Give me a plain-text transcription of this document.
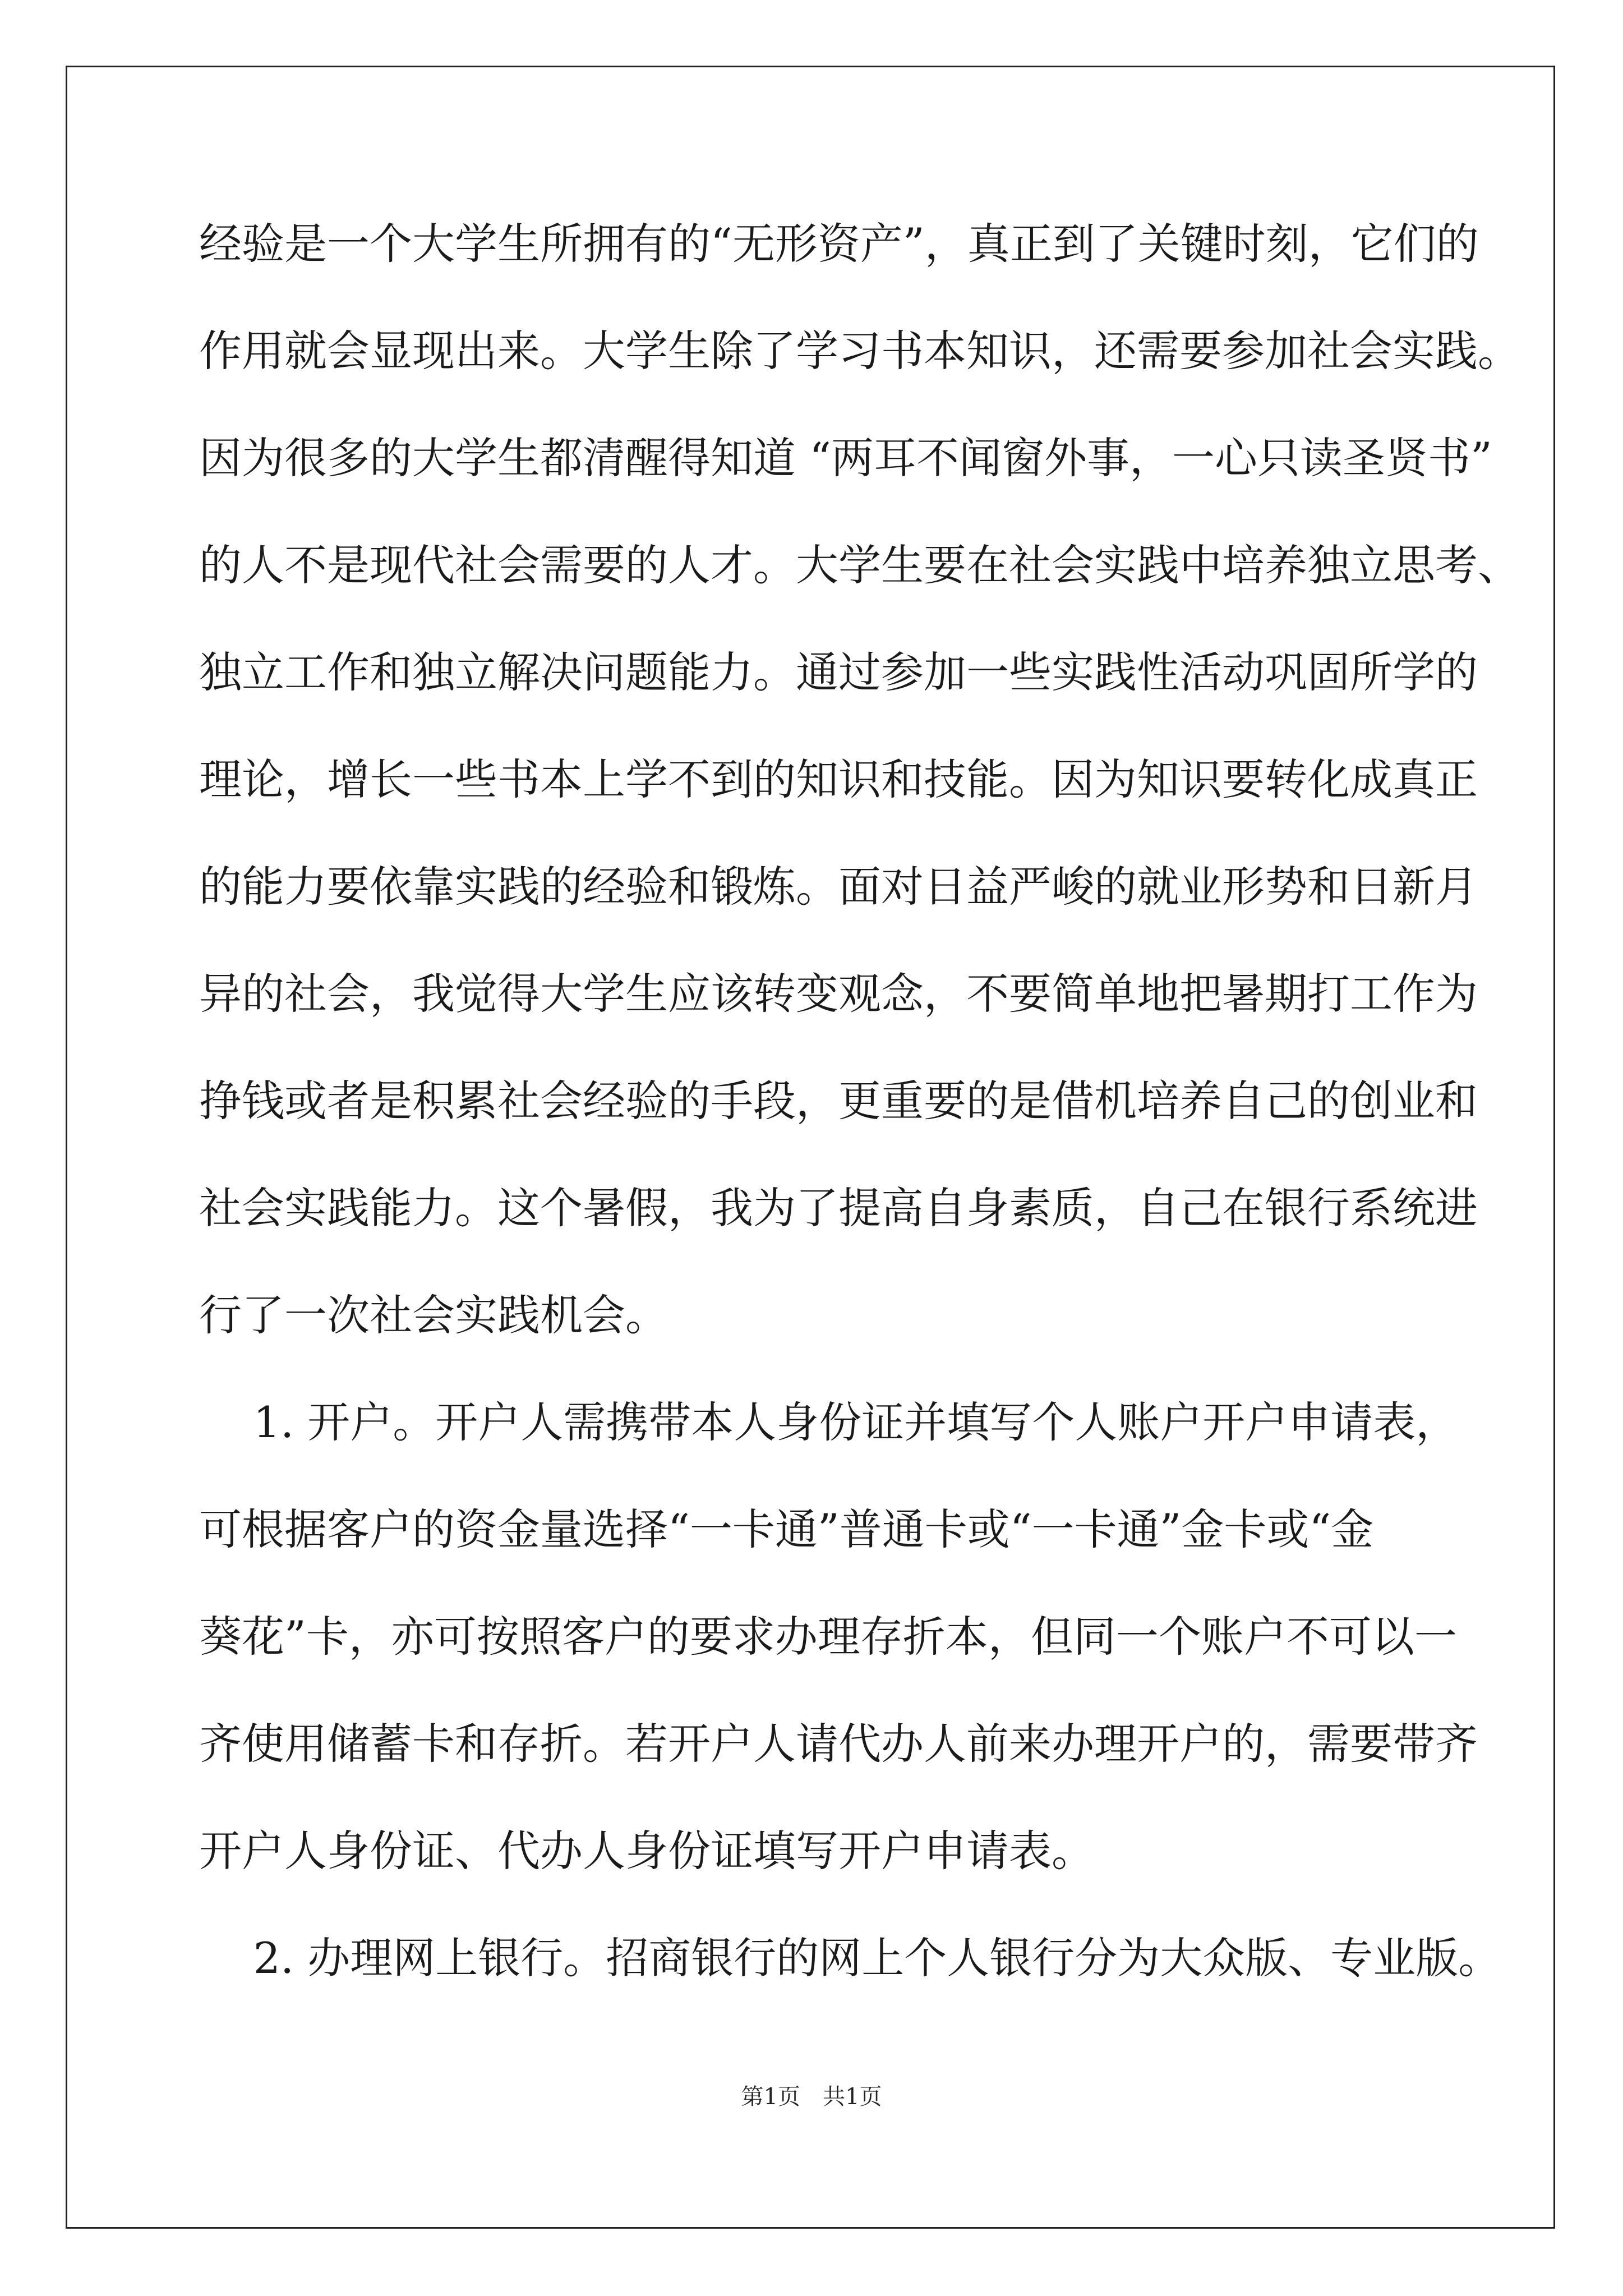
经验是一个大学生所拥有的“无形资产”，真正到了关键时刻，它们的
作用就会显现出来。大学生除了学习书本知识，还需要参加社会实践。
因为很多的大学生都清醒得知道 “两耳不闻窗外事，一心只读圣贤书”
的人不是现代社会需要的人才。大学生要在社会实践中培养独立思考、
独立工作和独立解决问题能力。通过参加一些实践性活动巩固所学的
理论，增长一些书本上学不到的知识和技能。因为知识要转化成真正
的能力要依靠实践的经验和锻炼。面对日益严峻的就业形势和日新月
异的社会，我觉得大学生应该转变观念，不要简单地把暑期打工作为
挣钱或者是积累社会经验的手段，更重要的是借机培养自己的创业和
社会实践能力。这个暑假，我为了提高自身素质，自己在银行系统进
行了一次社会实践机会。
1. 开户。开户人需携带本人身份证并填写个人账户开户申请表，
可根据客户的资金量选择“一卡通”普通卡或“一卡通”金卡或“金
葵花”卡，亦可按照客户的要求办理存折本，但同一个账户不可以一
齐使用储蓄卡和存折。若开户人请代办人前来办理开户的，需要带齐
开户人身份证、代办人身份证填写开户申请表。
2. 办理网上银行。招商银行的网上个人银行分为大众版、专业版。
第1页　共1页
